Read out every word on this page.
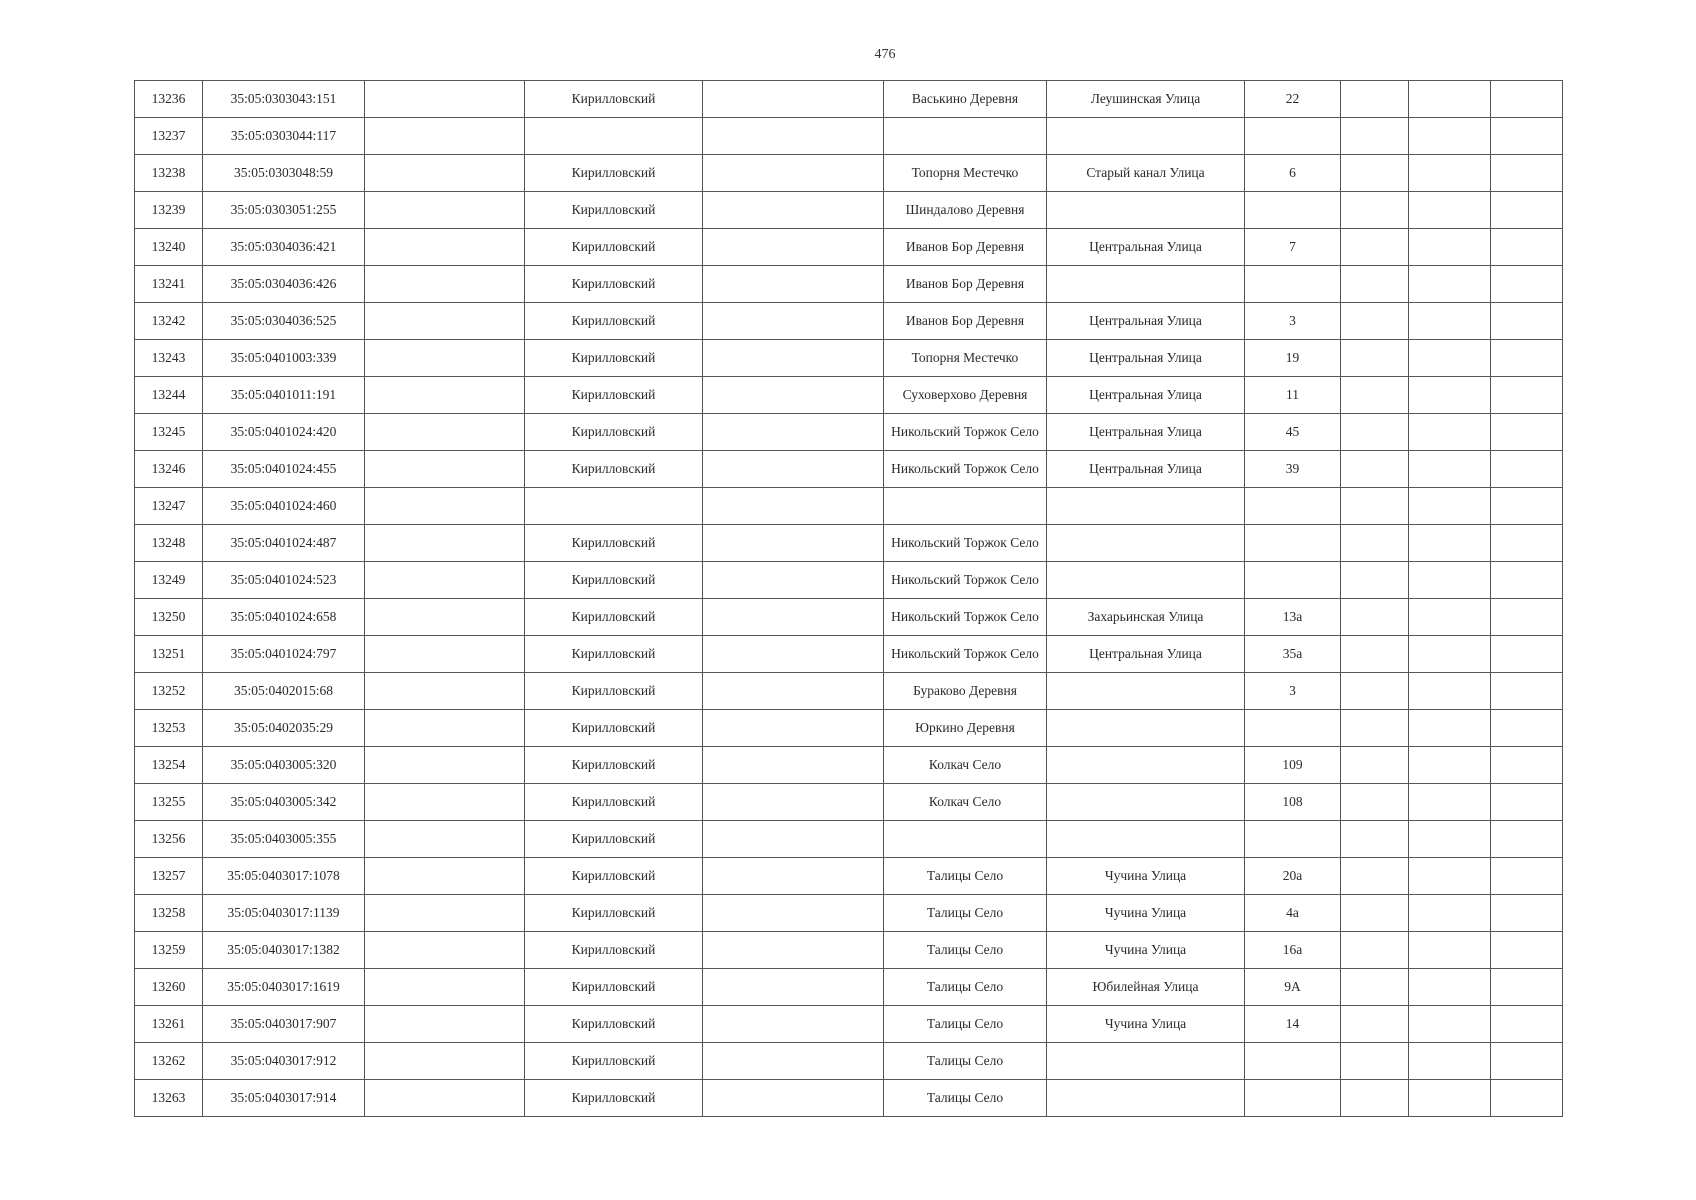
476
13236	35:05:0303043:151		Кирилловский		Васькино Деревня	Леушинская Улица	22			
13237	35:05:0303044:117									
13238	35:05:0303048:59		Кирилловский		Топорня Местечко	Старый канал Улица	6			
13239	35:05:0303051:255		Кирилловский		Шиндалово Деревня					
13240	35:05:0304036:421		Кирилловский		Иванов Бор Деревня	Центральная Улица	7			
13241	35:05:0304036:426		Кирилловский		Иванов Бор Деревня					
13242	35:05:0304036:525		Кирилловский		Иванов Бор Деревня	Центральная Улица	3			
13243	35:05:0401003:339		Кирилловский		Топорня Местечко	Центральная Улица	19			
13244	35:05:0401011:191		Кирилловский		Суховерхово Деревня	Центральная Улица	11			
13245	35:05:0401024:420		Кирилловский		Никольский Торжок Село	Центральная Улица	45			
13246	35:05:0401024:455		Кирилловский		Никольский Торжок Село	Центральная Улица	39			
13247	35:05:0401024:460									
13248	35:05:0401024:487		Кирилловский		Никольский Торжок Село					
13249	35:05:0401024:523		Кирилловский		Никольский Торжок Село					
13250	35:05:0401024:658		Кирилловский		Никольский Торжок Село	Захарьинская Улица	13а			
13251	35:05:0401024:797		Кирилловский		Никольский Торжок Село	Центральная Улица	35а			
13252	35:05:0402015:68		Кирилловский		Бураково Деревня		3			
13253	35:05:0402035:29		Кирилловский		Юркино Деревня					
13254	35:05:0403005:320		Кирилловский		Колкач Село		109			
13255	35:05:0403005:342		Кирилловский		Колкач Село		108			
13256	35:05:0403005:355		Кирилловский							
13257	35:05:0403017:1078		Кирилловский		Талицы Село	Чучина Улица	20а			
13258	35:05:0403017:1139		Кирилловский		Талицы Село	Чучина Улица	4а			
13259	35:05:0403017:1382		Кирилловский		Талицы Село	Чучина Улица	16а			
13260	35:05:0403017:1619		Кирилловский		Талицы Село	Юбилейная Улица	9А			
13261	35:05:0403017:907		Кирилловский		Талицы Село	Чучина Улица	14			
13262	35:05:0403017:912		Кирилловский		Талицы Село					
13263	35:05:0403017:914		Кирилловский		Талицы Село					
